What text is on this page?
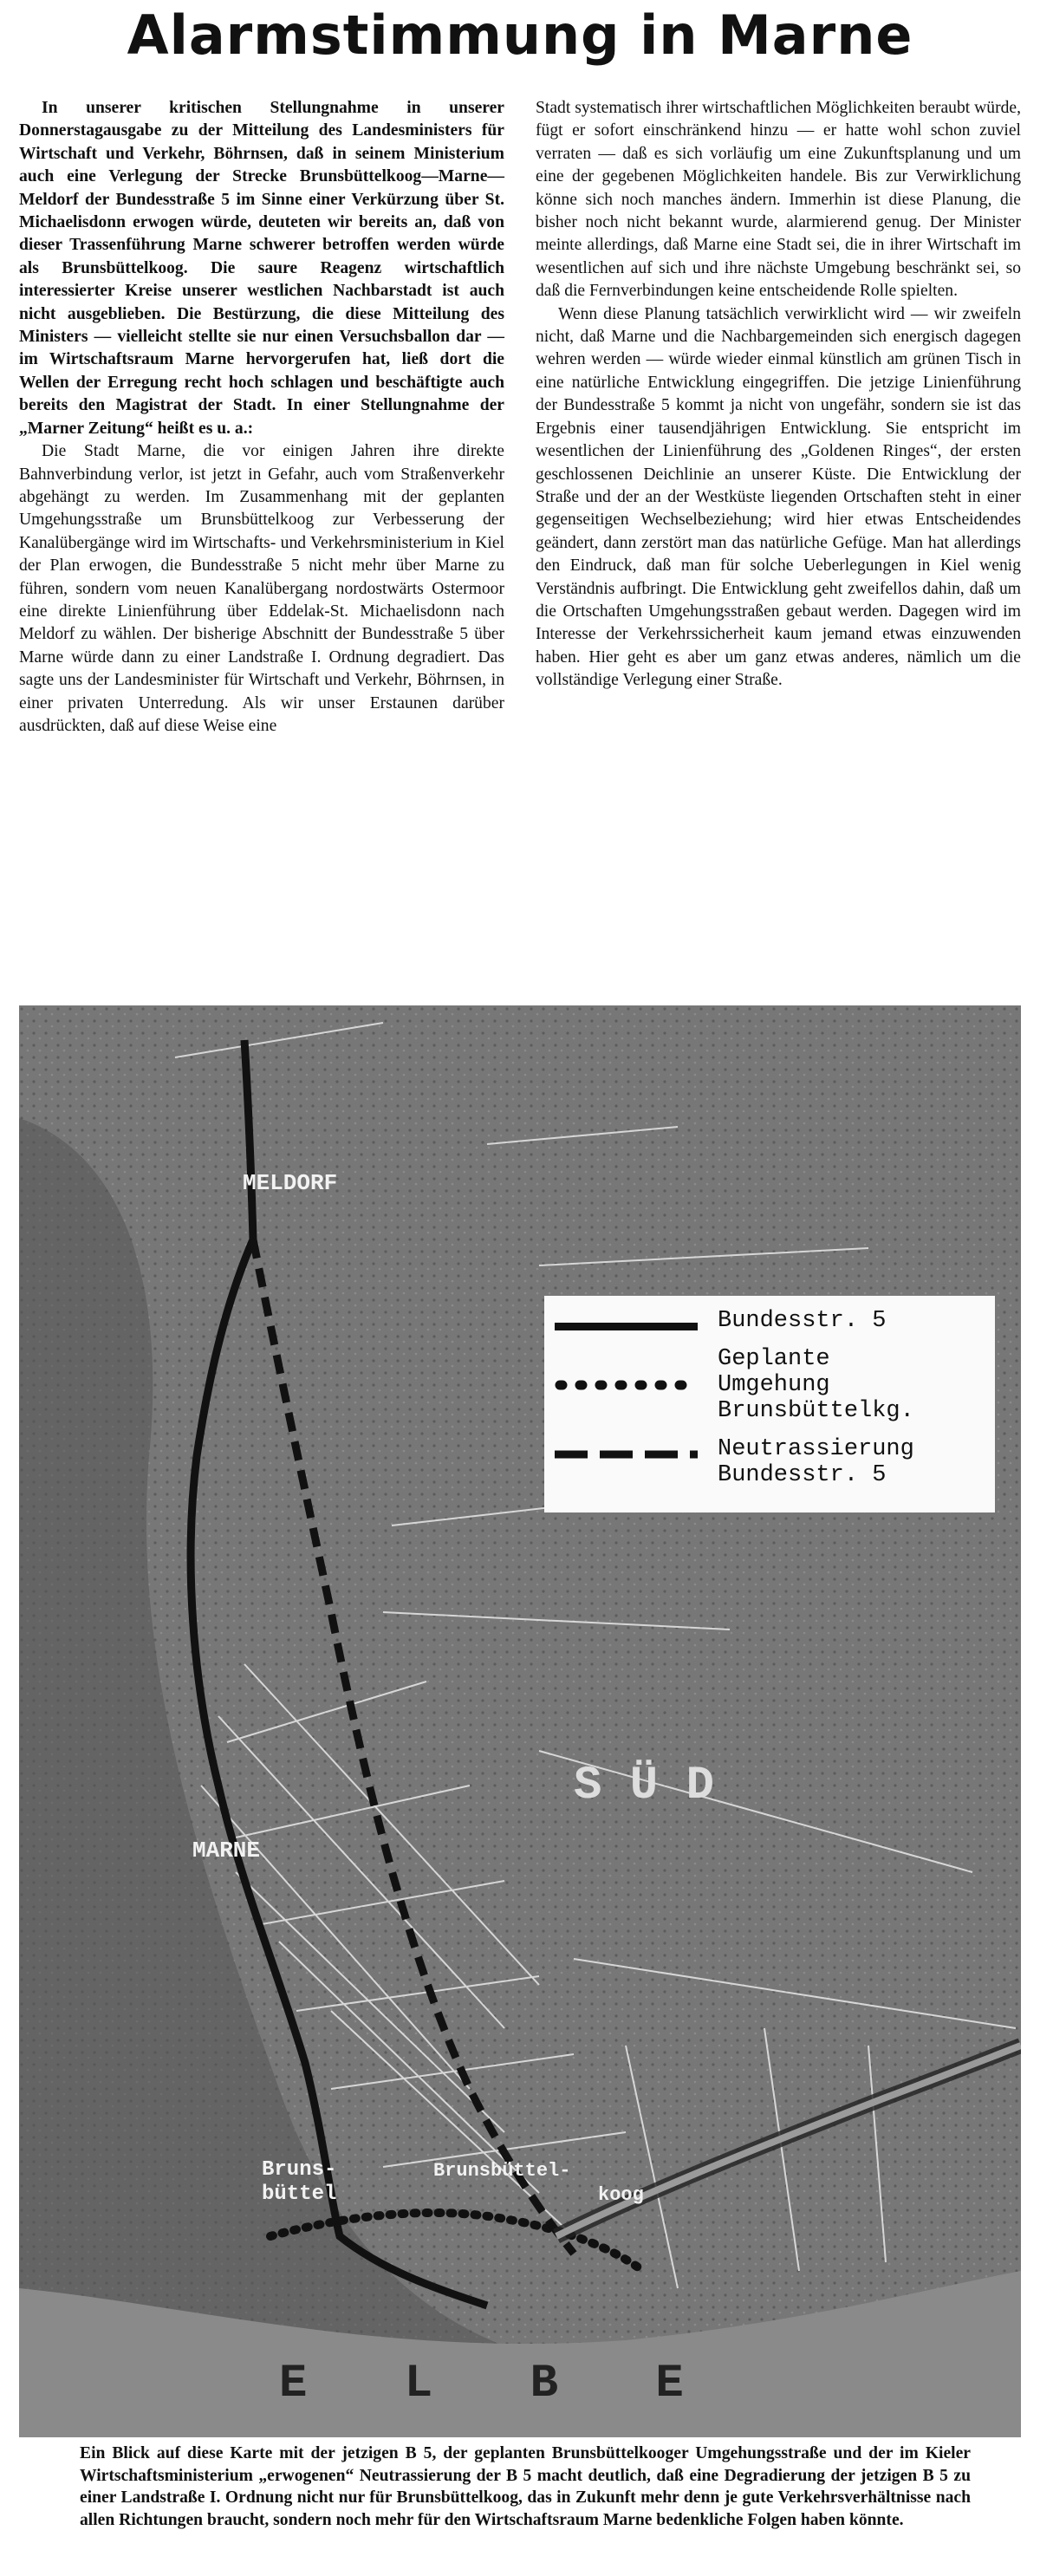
Alarmstimmung in Marne

In unserer kritischen Stellungnahme in unserer Donnerstagausgabe zu der Mitteilung des Landesministers für Wirtschaft und Verkehr, Böhrnsen, daß in seinem Ministerium auch eine Verlegung der Strecke Brunsbüttelkoog—Marne—Meldorf der Bundesstraße 5 im Sinne einer Verkürzung über St. Michaelisdonn erwogen würde, deuteten wir bereits an, daß von dieser Trassenführung Marne schwerer betroffen werden würde als Brunsbüttelkoog. Die saure Reagenz wirtschaftlich interessierter Kreise unserer westlichen Nachbarstadt ist auch nicht ausgeblieben. Die Bestürzung, die diese Mitteilung des Ministers — vielleicht stellte sie nur einen Versuchsballon dar — im Wirtschaftsraum Marne hervorgerufen hat, ließ dort die Wellen der Erregung recht hoch schlagen und beschäftigte auch bereits den Magistrat der Stadt. In einer Stellungnahme der „Marner Zeitung“ heißt es u. a.:

Die Stadt Marne, die vor einigen Jahren ihre direkte Bahnverbindung verlor, ist jetzt in Gefahr, auch vom Straßenverkehr abgehängt zu werden. Im Zusammenhang mit der geplanten Umgehungsstraße um Brunsbüttelkoog zur Verbesserung der Kanalübergänge wird im Wirtschafts- und Verkehrsministerium in Kiel der Plan erwogen, die Bundesstraße 5 nicht mehr über Marne zu führen, sondern vom neuen Kanalübergang nordostwärts Ostermoor eine direkte Linienführung über Eddelak-St. Michaelisdonn nach Meldorf zu wählen. Der bisherige Abschnitt der Bundesstraße 5 über Marne würde dann zu einer Landstraße I. Ordnung degradiert. Das sagte uns der Landesminister für Wirtschaft und Verkehr, Böhrnsen, in einer privaten Unterredung. Als wir unser Erstaunen darüber ausdrückten, daß auf diese Weise eine

Stadt systematisch ihrer wirtschaftlichen Möglichkeiten beraubt würde, fügt er sofort einschränkend hinzu — er hatte wohl schon zuviel verraten — daß es sich vorläufig um eine Zukunftsplanung und um eine der gegebenen Möglichkeiten handele. Bis zur Verwirklichung könne sich noch manches ändern. Immerhin ist diese Planung, die bisher noch nicht bekannt wurde, alarmierend genug. Der Minister meinte allerdings, daß Marne eine Stadt sei, die in ihrer Wirtschaft im wesentlichen auf sich und ihre nächste Umgebung beschränkt sei, so daß die Fernverbindungen keine entscheidende Rolle spielten.

Wenn diese Planung tatsächlich verwirklicht wird — wir zweifeln nicht, daß Marne und die Nachbargemeinden sich energisch dagegen wehren werden — würde wieder einmal künstlich am grünen Tisch in eine natürliche Entwicklung eingegriffen. Die jetzige Linienführung der Bundesstraße 5 kommt ja nicht von ungefähr, sondern sie ist das Ergebnis einer tausendjährigen Entwicklung. Sie entspricht im wesentlichen der Linienführung des „Goldenen Ringes“, der ersten geschlossenen Deichlinie an unserer Küste. Die Entwicklung der Straße und der an der Westküste liegenden Ortschaften steht in einer gegenseitigen Wechselbeziehung; wird hier etwas Entscheidendes geändert, dann zerstört man das natürliche Gefüge. Man hat allerdings den Eindruck, daß man für solche Ueberlegungen in Kiel wenig Verständnis aufbringt. Die Entwicklung geht zweifellos dahin, daß um die Ortschaften Umgehungsstraßen gebaut werden. Dagegen wird im Interesse der Verkehrssicherheit kaum jemand etwas einzuwenden haben. Hier geht es aber um ganz etwas anderes, nämlich um die vollständige Verlegung einer Straße.

MELDORF
MARNE
Bruns-
büttel
Brunsbüttel-
koog
S Ü D
E L B E
Bundesstr. 5
Geplante
Umgehung
Brunsbüttelkg.
Neutrassierung
Bundesstr. 5
Ein Blick auf diese Karte mit der jetzigen B 5, der geplanten Brunsbüttelkooger Umgehungsstraße und der im Kieler Wirtschaftsministerium „erwogenen“ Neutrassierung der B 5 macht deutlich, daß eine Degradierung der jetzigen B 5 zu einer Landstraße I. Ordnung nicht nur für Brunsbüttelkoog, das in Zukunft mehr denn je gute Verkehrsverhältnisse nach allen Richtungen braucht, sondern noch mehr für den Wirtschaftsraum Marne bedenkliche Folgen haben könnte.
